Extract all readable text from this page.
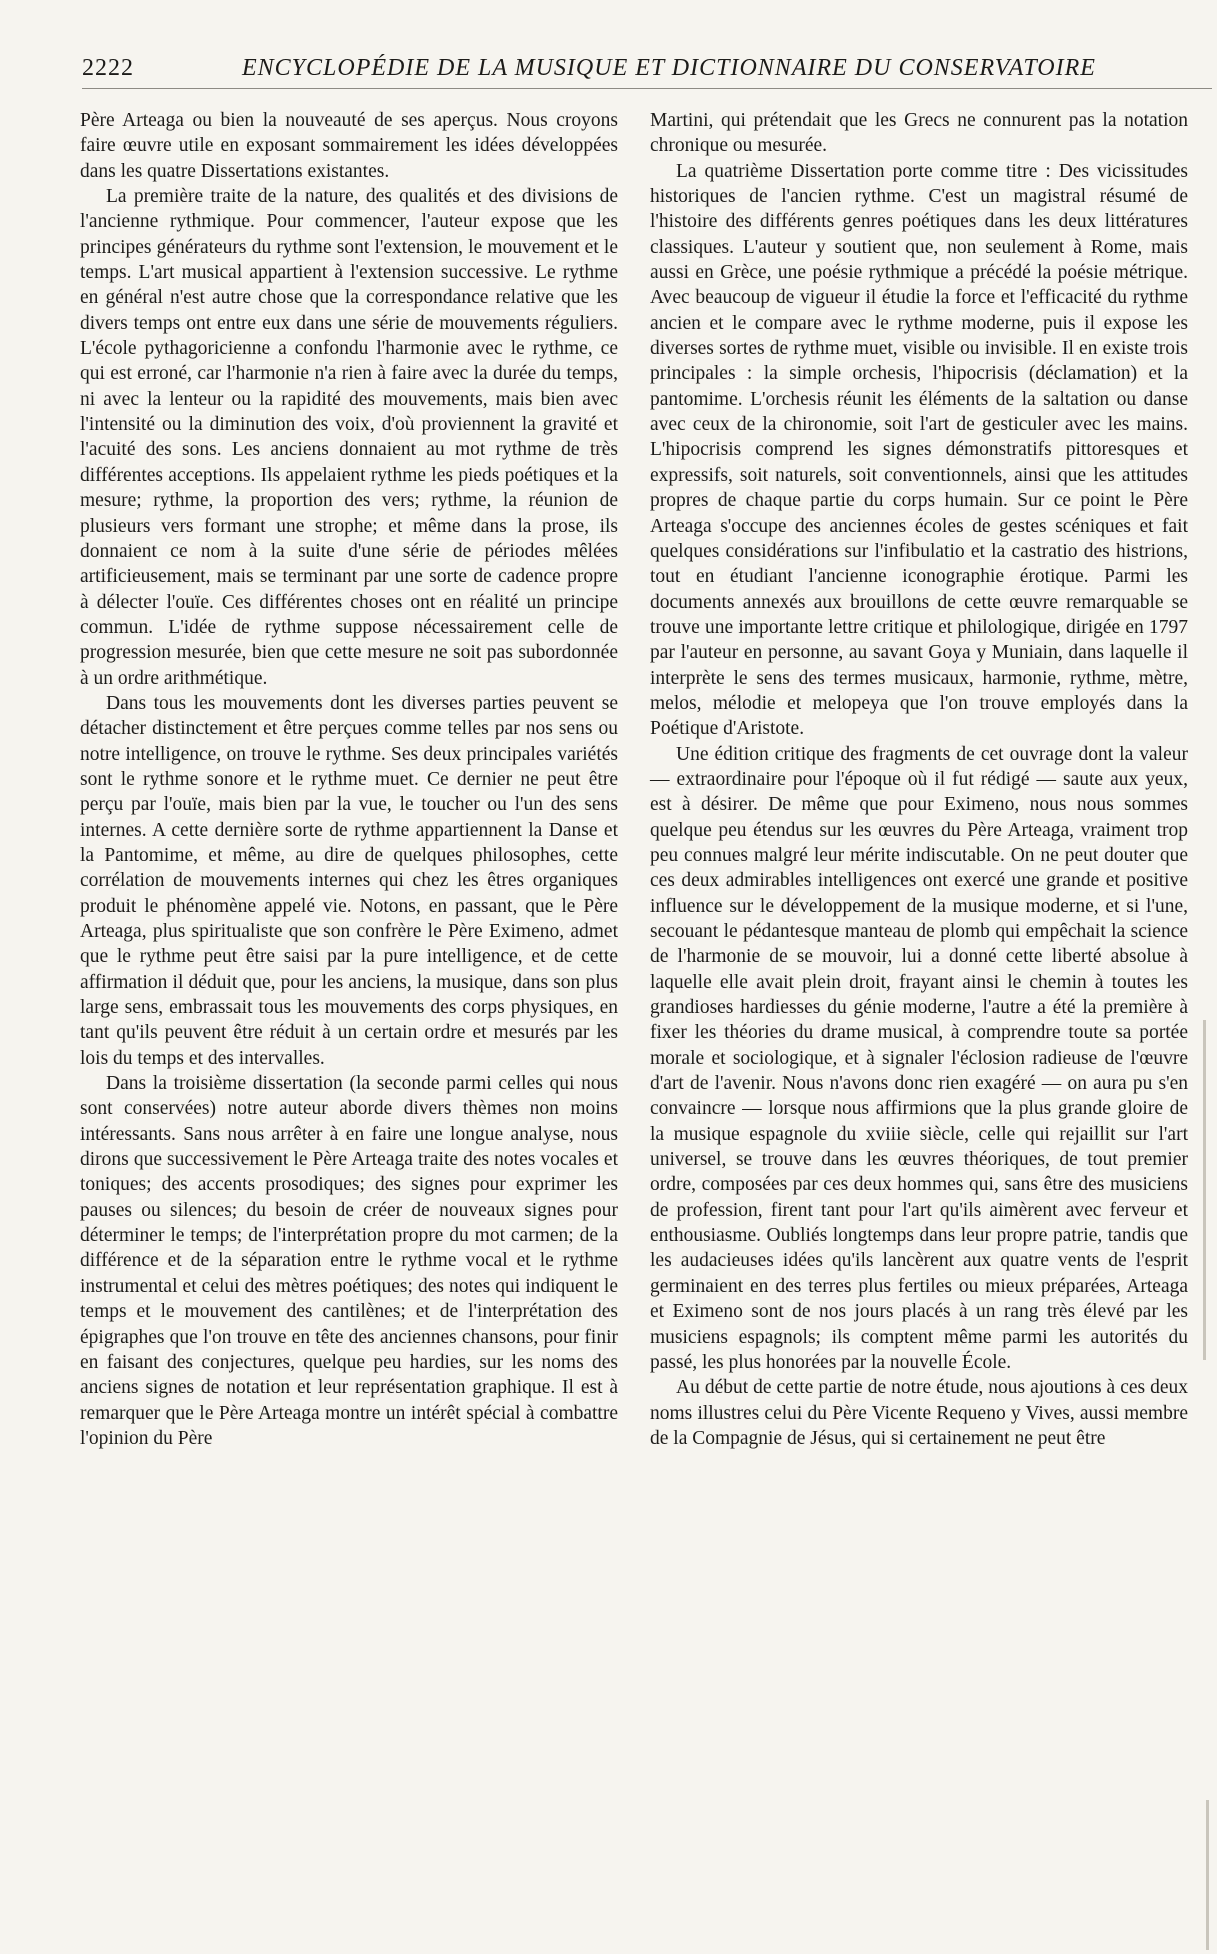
2222	ENCYCLOPÉDIE DE LA MUSIQUE ET DICTIONNAIRE DU CONSERVATOIRE

Père Arteaga ou bien la nouveauté de ses aperçus. Nous croyons faire œuvre utile en exposant sommairement les idées développées dans les quatre Dissertations existantes.

La première traite de la nature, des qualités et des divisions de l'ancienne rythmique. Pour commencer, l'auteur expose que les principes générateurs du rythme sont l'extension, le mouvement et le temps. L'art musical appartient à l'extension successive. Le rythme en général n'est autre chose que la correspondance relative que les divers temps ont entre eux dans une série de mouvements réguliers. L'école pythagoricienne a confondu l'harmonie avec le rythme, ce qui est erroné, car l'harmonie n'a rien à faire avec la durée du temps, ni avec la lenteur ou la rapidité des mouvements, mais bien avec l'intensité ou la diminution des voix, d'où proviennent la gravité et l'acuité des sons. Les anciens donnaient au mot rythme de très différentes acceptions. Ils appelaient rythme les pieds poétiques et la mesure; rythme, la proportion des vers; rythme, la réunion de plusieurs vers formant une strophe; et même dans la prose, ils donnaient ce nom à la suite d'une série de périodes mêlées artificieusement, mais se terminant par une sorte de cadence propre à délecter l'ouïe. Ces différentes choses ont en réalité un principe commun. L'idée de rythme suppose nécessairement celle de progression mesurée, bien que cette mesure ne soit pas subordonnée à un ordre arithmétique.

Dans tous les mouvements dont les diverses parties peuvent se détacher distinctement et être perçues comme telles par nos sens ou notre intelligence, on trouve le rythme. Ses deux principales variétés sont le rythme sonore et le rythme muet. Ce dernier ne peut être perçu par l'ouïe, mais bien par la vue, le toucher ou l'un des sens internes. A cette dernière sorte de rythme appartiennent la Danse et la Pantomime, et même, au dire de quelques philosophes, cette corrélation de mouvements internes qui chez les êtres organiques produit le phénomène appelé vie. Notons, en passant, que le Père Arteaga, plus spiritualiste que son confrère le Père Eximeno, admet que le rythme peut être saisi par la pure intelligence, et de cette affirmation il déduit que, pour les anciens, la musique, dans son plus large sens, embrassait tous les mouvements des corps physiques, en tant qu'ils peuvent être réduit à un certain ordre et mesurés par les lois du temps et des intervalles.

Dans la troisième dissertation (la seconde parmi celles qui nous sont conservées) notre auteur aborde divers thèmes non moins intéressants. Sans nous arrêter à en faire une longue analyse, nous dirons que successivement le Père Arteaga traite des notes vocales et toniques; des accents prosodiques; des signes pour exprimer les pauses ou silences; du besoin de créer de nouveaux signes pour déterminer le temps; de l'interprétation propre du mot carmen; de la différence et de la séparation entre le rythme vocal et le rythme instrumental et celui des mètres poétiques; des notes qui indiquent le temps et le mouvement des cantilènes; et de l'interprétation des épigraphes que l'on trouve en tête des anciennes chansons, pour finir en faisant des conjectures, quelque peu hardies, sur les noms des anciens signes de notation et leur représentation graphique. Il est à remarquer que le Père Arteaga montre un intérêt spécial à combattre l'opinion du Père

Martini, qui prétendait que les Grecs ne connurent pas la notation chronique ou mesurée.

La quatrième Dissertation porte comme titre : Des vicissitudes historiques de l'ancien rythme. C'est un magistral résumé de l'histoire des différents genres poétiques dans les deux littératures classiques. L'auteur y soutient que, non seulement à Rome, mais aussi en Grèce, une poésie rythmique a précédé la poésie métrique. Avec beaucoup de vigueur il étudie la force et l'efficacité du rythme ancien et le compare avec le rythme moderne, puis il expose les diverses sortes de rythme muet, visible ou invisible. Il en existe trois principales : la simple orchesis, l'hipocrisis (déclamation) et la pantomime. L'orchesis réunit les éléments de la saltation ou danse avec ceux de la chironomie, soit l'art de gesticuler avec les mains. L'hipocrisis comprend les signes démonstratifs pittoresques et expressifs, soit naturels, soit conventionnels, ainsi que les attitudes propres de chaque partie du corps humain. Sur ce point le Père Arteaga s'occupe des anciennes écoles de gestes scéniques et fait quelques considérations sur l'infibulatio et la castratio des histrions, tout en étudiant l'ancienne iconographie érotique. Parmi les documents annexés aux brouillons de cette œuvre remarquable se trouve une importante lettre critique et philologique, dirigée en 1797 par l'auteur en personne, au savant Goya y Muniain, dans laquelle il interprète le sens des termes musicaux, harmonie, rythme, mètre, melos, mélodie et melopeya que l'on trouve employés dans la Poétique d'Aristote.

Une édition critique des fragments de cet ouvrage dont la valeur — extraordinaire pour l'époque où il fut rédigé — saute aux yeux, est à désirer. De même que pour Eximeno, nous nous sommes quelque peu étendus sur les œuvres du Père Arteaga, vraiment trop peu connues malgré leur mérite indiscutable. On ne peut douter que ces deux admirables intelligences ont exercé une grande et positive influence sur le développement de la musique moderne, et si l'une, secouant le pédantesque manteau de plomb qui empêchait la science de l'harmonie de se mouvoir, lui a donné cette liberté absolue à laquelle elle avait plein droit, frayant ainsi le chemin à toutes les grandioses hardiesses du génie moderne, l'autre a été la première à fixer les théories du drame musical, à comprendre toute sa portée morale et sociologique, et à signaler l'éclosion radieuse de l'œuvre d'art de l'avenir. Nous n'avons donc rien exagéré — on aura pu s'en convaincre — lorsque nous affirmions que la plus grande gloire de la musique espagnole du xviiie siècle, celle qui rejaillit sur l'art universel, se trouve dans les œuvres théoriques, de tout premier ordre, composées par ces deux hommes qui, sans être des musiciens de profession, firent tant pour l'art qu'ils aimèrent avec ferveur et enthousiasme. Oubliés longtemps dans leur propre patrie, tandis que les audacieuses idées qu'ils lancèrent aux quatre vents de l'esprit germinaient en des terres plus fertiles ou mieux préparées, Arteaga et Eximeno sont de nos jours placés à un rang très élevé par les musiciens espagnols; ils comptent même parmi les autorités du passé, les plus honorées par la nouvelle École.

Au début de cette partie de notre étude, nous ajoutions à ces deux noms illustres celui du Père Vicente Requeno y Vives, aussi membre de la Compagnie de Jésus, qui si certainement ne peut être
